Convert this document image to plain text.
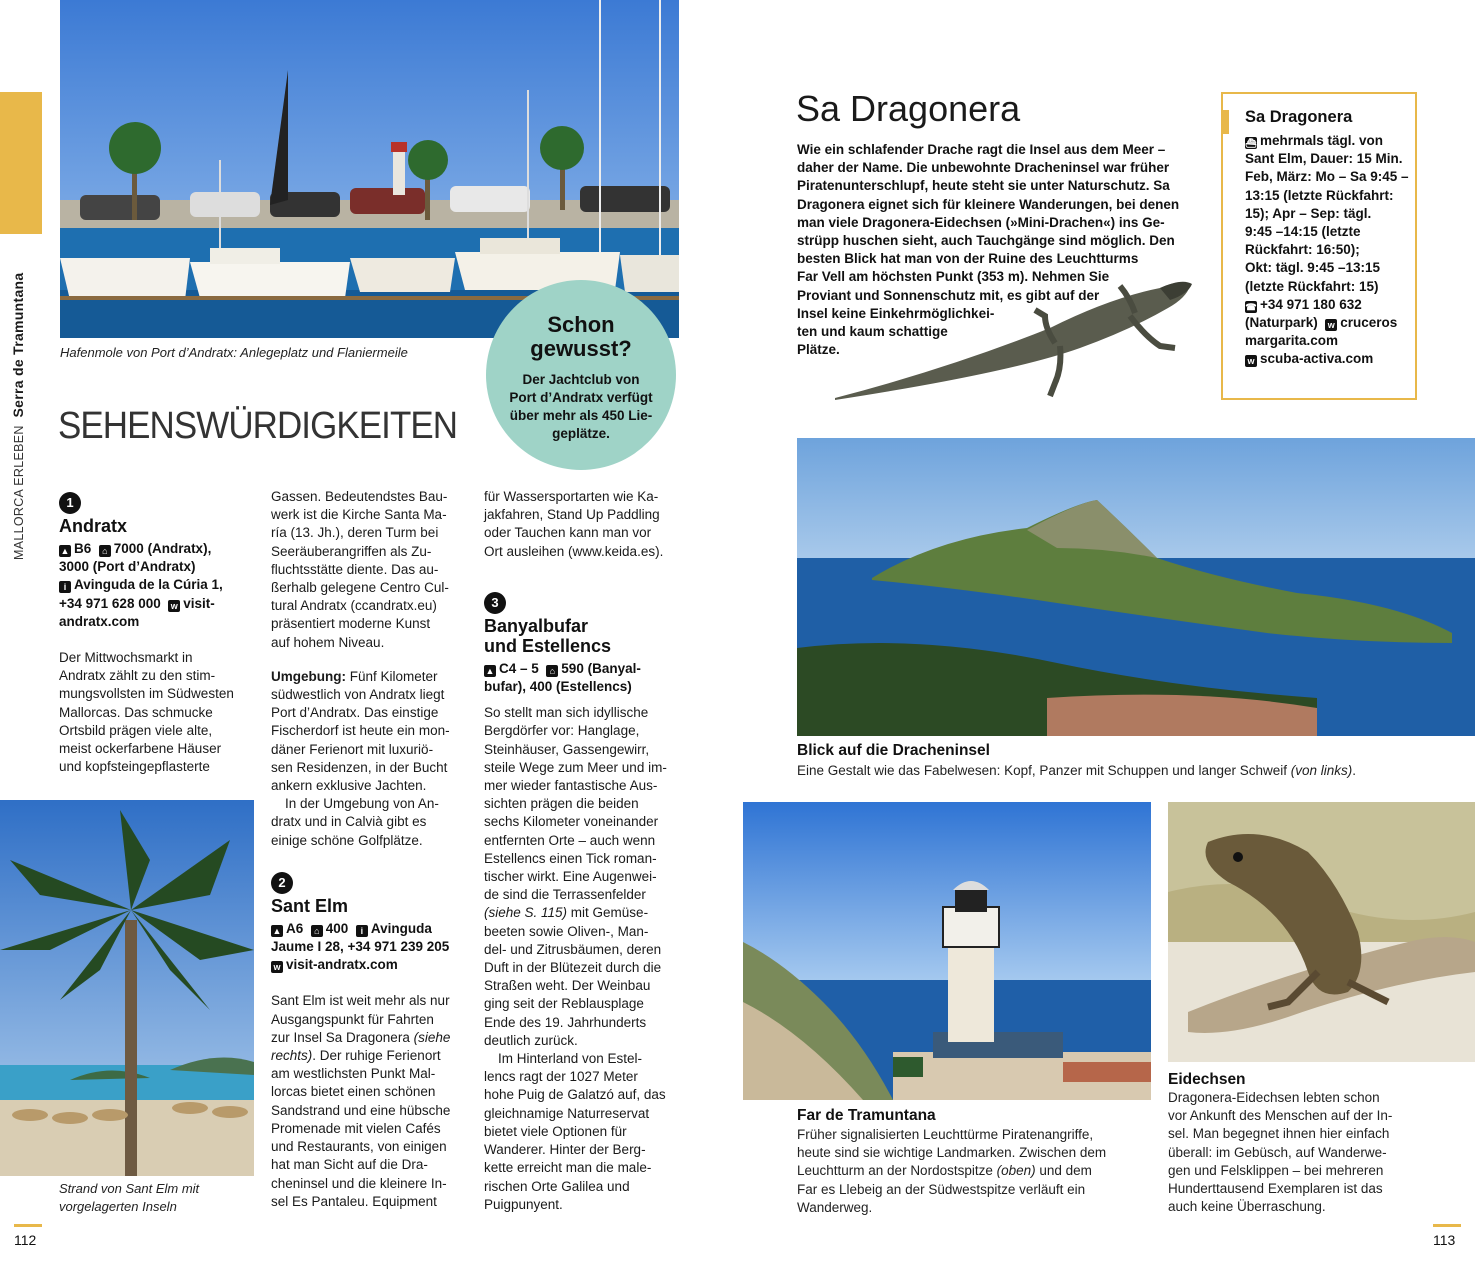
MALLORCA ERLEBEN Serra de Tramuntana	Hafenmole von Port d’Andratx: Anlegeplatz und Flaniermeile
Schon
gewusst?
Der Jachtclub von
Port d’Andratx verfügt
über mehr als 450 Lie-
geplätze.
SEHENSWÜRDIGKEITEN
1
Andratx
▲ B6 ⌂ 7000 (Andratx),
3000 (Port d’Andratx)
i Avinguda de la Cúria 1,
+34 971 628 000 w visit-
andratx.com
Der Mittwochsmarkt in
Andratx zählt zu den stim-
mungsvollsten im Südwesten
Mallorcas. Das schmucke
Ortsbild prägen viele alte,
meist ockerfarbene Häuser
und kopfsteingepflasterte
Strand von Sant Elm mit
vorgelagerten Inseln
Gassen. Bedeutendstes Bau-
werk ist die Kirche Santa Ma-
ría (13. Jh.), deren Turm bei
Seeräuberangriffen als Zu-
fluchtsstätte diente. Das au-
ßerhalb gelegene Centro Cul-
tural Andratx (ccandratx.eu)
präsentiert moderne Kunst
auf hohem Niveau.
Umgebung: Fünf Kilometer
südwestlich von Andratx liegt
Port d’Andratx. Das einstige
Fischerdorf ist heute ein mon-
däner Ferienort mit luxuriö-
sen Residenzen, in der Bucht
ankern exklusive Jachten.
In der Umgebung von An-
dratx und in Calvià gibt es
einige schöne Golfplätze.
2
Sant Elm
▲ A6 ⌂ 400 i Avinguda
Jaume I 28, +34 971 239 205
w visit-andratx.com
Sant Elm ist weit mehr als nur
Ausgangspunkt für Fahrten
zur Insel Sa Dragonera (siehe
rechts). Der ruhige Ferienort
am westlichsten Punkt Mal-
lorcas bietet einen schönen
Sandstrand und eine hübsche
Promenade mit vielen Cafés
und Restaurants, von einigen
hat man Sicht auf die Dra-
cheninsel und die kleinere In-
sel Es Pantaleu. Equipment
für Wassersportarten wie Ka-
jakfahren, Stand Up Paddling
oder Tauchen kann man vor
Ort ausleihen (www.keida.es).
3
Banyalbufar
und Estellencs
▲ C4 – 5 ⌂ 590 (Banyal-
bufar), 400 (Estellencs)
So stellt man sich idyllische
Bergdörfer vor: Hanglage,
Steinhäuser, Gassengewirr,
steile Wege zum Meer und im-
mer wieder fantastische Aus-
sichten prägen die beiden
sechs Kilometer voneinander
entfernten Orte – auch wenn
Estellencs einen Tick roman-
tischer wirkt. Eine Augenwei-
de sind die Terrassenfelder
(siehe S. 115) mit Gemüse-
beeten sowie Oliven-, Man-
del- und Zitrusbäumen, deren
Duft in der Blütezeit durch die
Straßen weht. Der Weinbau
ging seit der Reblausplage
Ende des 19. Jahrhunderts
deutlich zurück.
Im Hinterland von Estel-
lencs ragt der 1027 Meter
hohe Puig de Galatzó auf, das
gleichnamige Naturreservat
bietet viele Optionen für
Wanderer. Hinter der Berg-
kette erreicht man die male-
rischen Orte Galilea und
Puigpunyent.
112
Sa Dragonera
Wie ein schlafender Drache ragt die Insel aus dem Meer –
daher der Name. Die unbewohnte Dracheninsel war früher
Piratenunterschlupf, heute steht sie unter Naturschutz. Sa
Dragonera eignet sich für kleinere Wanderungen, bei denen
man viele Dragonera-Eidechsen (»Mini-Drachen«) ins Ge-
strüpp huschen sieht, auch Tauchgänge sind möglich. Den
besten Blick hat man von der Ruine des Leuchtturms
Far Vell am höchsten Punkt (353 m). Nehmen Sie
Proviant und Sonnenschutz mit, es gibt auf der
Insel keine Einkehrmöglichkei-
ten und kaum schattige
Plätze.
Sa Dragonera
⛴ mehrmals tägl. von
Sant Elm, Dauer: 15 Min.
Feb, März: Mo – Sa 9:45 –
13:15 (letzte Rückfahrt:
15); Apr – Sep: tägl.
9:45 –14:15 (letzte
Rückfahrt: 16:50);
Okt: tägl. 9:45 –13:15
(letzte Rückfahrt: 15)
☎ +34 971 180 632
(Naturpark) w cruceros
margarita.com
w scuba-activa.com
Blick auf die Dracheninsel
Eine Gestalt wie das Fabelwesen: Kopf, Panzer mit Schuppen und langer Schweif (von links).
Far de Tramuntana
Früher signalisierten Leuchttürme Piratenangriffe,
heute sind sie wichtige Landmarken. Zwischen dem
Leuchtturm an der Nordostspitze (oben) und dem
Far es Llebeig an der Südwestspitze verläuft ein
Wanderweg.
Eidechsen
Dragonera-Eidechsen lebten schon
vor Ankunft des Menschen auf der In-
sel. Man begegnet ihnen hier einfach
überall: im Gebüsch, auf Wanderwe-
gen und Felsklippen – bei mehreren
Hunderttausend Exemplaren ist das
auch keine Überraschung.
113
